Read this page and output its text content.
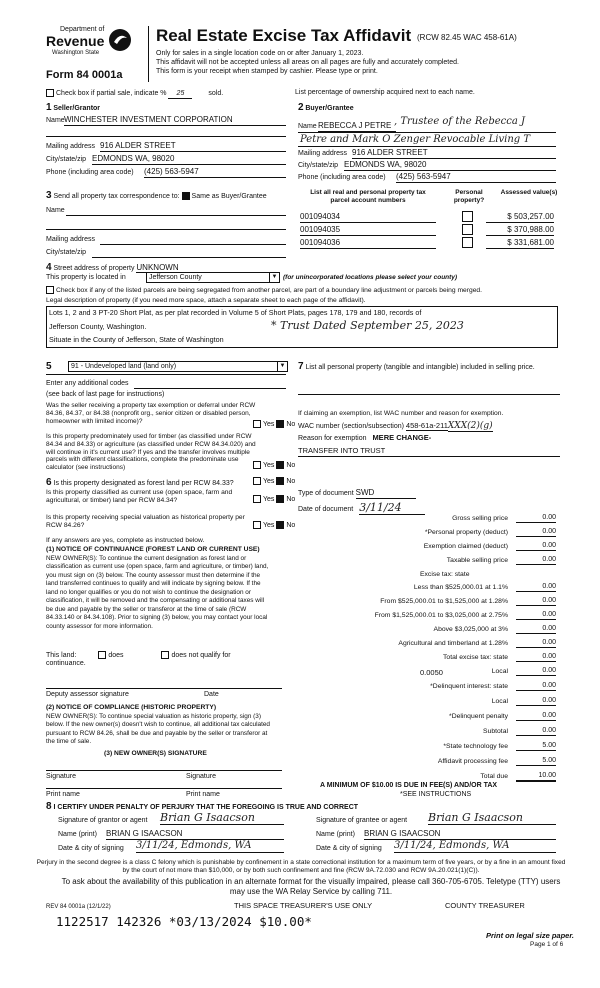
Department of
Revenue
Washington State
Form 84 0001a
Real Estate Excise Tax Affidavit (RCW 82.45 WAC 458-61A)
Only for sales in a single location code on or after January 1, 2023.
This affidavit will not be accepted unless all areas on all pages are fully and accurately completed.
This form is your receipt when stamped by cashier. Please type or print.
Check box if partial sale, indicate % 25	sold.	List percentage of ownership acquired next to each name.
1 Seller/Grantor
Name WINCHESTER INVESTMENT CORPORATION
Mailing address 916 ALDER STREET
City/state/zip EDMONDS WA, 98020
Phone (including area code) (425) 563-5947
2 Buyer/Grantee
Name REBECCA J PETRE , Trustee of the Rebecca J
Petre and Mark O Zenger Revocable Living T
Mailing address 916 ALDER STREET
City/state/zip EDMONDS WA, 98020
Phone (including area code) (425) 563-5947
3 Send all property tax correspondence to: Same as Buyer/Grantee
Name
Mailing address
City/state/zip
List all real and personal property tax parcel account numbers
Personal property?
Assessed value(s)
001094034	$ 503,257.00
001094035	$ 370,988.00
001094036	$ 331,681.00
4 Street address of property UNKNOWN
This property is located in	Jefferson County	▼ (for unincorporated locations please select your county)
Check box if any of the listed parcels are being segregated from another parcel, are part of a boundary line adjustment or parcels being merged.
Legal description of property (if you need more space, attach a separate sheet to each page of the affidavit).
Lots 1, 2 and 3 PT-20 Short Plat, as per plat recorded in Volume 5 of Short Plats, pages 178, 179 and 180, records of
Jefferson County, Washington.
Situate in the County of Jefferson, State of Washington
* Trust Dated September 25, 2023
5	91 - Undeveloped land (land only)	▼
Enter any additional codes
(see back of last page for instructions)
Was the seller receiving a property tax exemption or deferral under RCW 84.36, 84.37, or 84.38 (nonprofit org., senior citizen or disabled person, homeowner with limited income)?	Yes No
Is this property predominately used for timber (as classified under RCW 84.34 and 84.33) or agriculture (as classified under RCW 84.34.020) and will continue in it's current use? If yes and the transfer involves multiple parcels with different classifications, complete the predominate use calculator (see instructions)	Yes No
6 Is this property designated as forest land per RCW 84.33?	Yes No
Is this property classified as current use (open space, farm and agricultural, or timber) land per RCW 84.34?	Yes No
Is this property receiving special valuation as historical property per RCW 84.26?	Yes No
If any answers are yes, complete as instructed below.
(1) NOTICE OF CONTINUANCE (FOREST LAND OR CURRENT USE)
NEW OWNER(S): To continue the current designation as forest land or classification as current use (open space, farm and agriculture, or timber) land, you must sign on (3) below. The county assessor must then determine if the land transferred continues to qualify and will indicate by signing below. If the land no longer qualifies or you do not wish to continue the designation or classification, it will be removed and the compensating or additional taxes will be due and payable by the seller or transferor at the time of sale (RCW 84.33.140 or 84.34.108). Prior to signing (3) below, you may contact your local county assessor for more information.
This land:	does	does not qualify for
continuance.
Deputy assessor signature	Date
(2) NOTICE OF COMPLIANCE (HISTORIC PROPERTY)
NEW OWNER(S): To continue special valuation as historic property, sign (3) below. If the new owner(s) doesn't wish to continue, all additional tax calculated pursuant to RCW 84.26, shall be due and payable by the seller or transferor at the time of sale.
(3) NEW OWNER(S) SIGNATURE
Signature	Signature
Print name	Print name
7 List all personal property (tangible and intangible) included in selling price.
If claiming an exemption, list WAC number and reason for exemption.
WAC number (section/subsection) 458-61a-211XXX(2)(g)
Reason for exemption MERE CHANGE-
TRANSFER INTO TRUST
Type of document SWD
Date of document 3/11/24
Gross selling price	0.00
*Personal property (deduct)	0.00
Exemption claimed (deduct)	0.00
Taxable selling price	0.00
Excise tax: state
Less than $525,000.01 at 1.1%	0.00
From $525,000.01 to $1,525,000 at 1.28%	0.00
From $1,525,000.01 to $3,025,000 at 2.75%	0.00
Above $3,025,000 at 3%	0.00
Agricultural and timberland at 1.28%	0.00
Total excise tax: state	0.00
0.0050	Local	0.00
*Delinquent interest: state	0.00
Local	0.00
*Delinquent penalty	0.00
Subtotal	0.00
*State technology fee	5.00
Affidavit processing fee	5.00
Total due	10.00
A MINIMUM OF $10.00 IS DUE IN FEE(S) AND/OR TAX
*SEE INSTRUCTIONS
8 I CERTIFY UNDER PENALTY OF PERJURY THAT THE FOREGOING IS TRUE AND CORRECT
Signature of grantor or agent Brian G Isaacson
Name (print) BRIAN G ISAACSON
Date & city of signing 3/11/24, Edmonds, WA
Signature of grantee or agent Brian G Isaacson
Name (print) BRIAN G ISAACSON
Date & city of signing 3/11/24, Edmonds, WA
Perjury in the second degree is a class C felony which is punishable by confinement in a state correctional institution for a maximum term of five years, or by a fine in an amount fixed by the court of not more than $10,000, or by both such confinement and fine (RCW 9A.72.030 and RCW 9A.20.021(1)(C)).
To ask about the availability of this publication in an alternate format for the visually impaired, please call 360-705-6705. Teletype (TTY) users may use the WA Relay Service by calling 711.
REV 84 0001a (12/1/22)	THIS SPACE TREASURER'S USE ONLY	COUNTY TREASURER
1122517 142326 *03/13/2024 $10.00*
Print on legal size paper.
Page 1 of 6
